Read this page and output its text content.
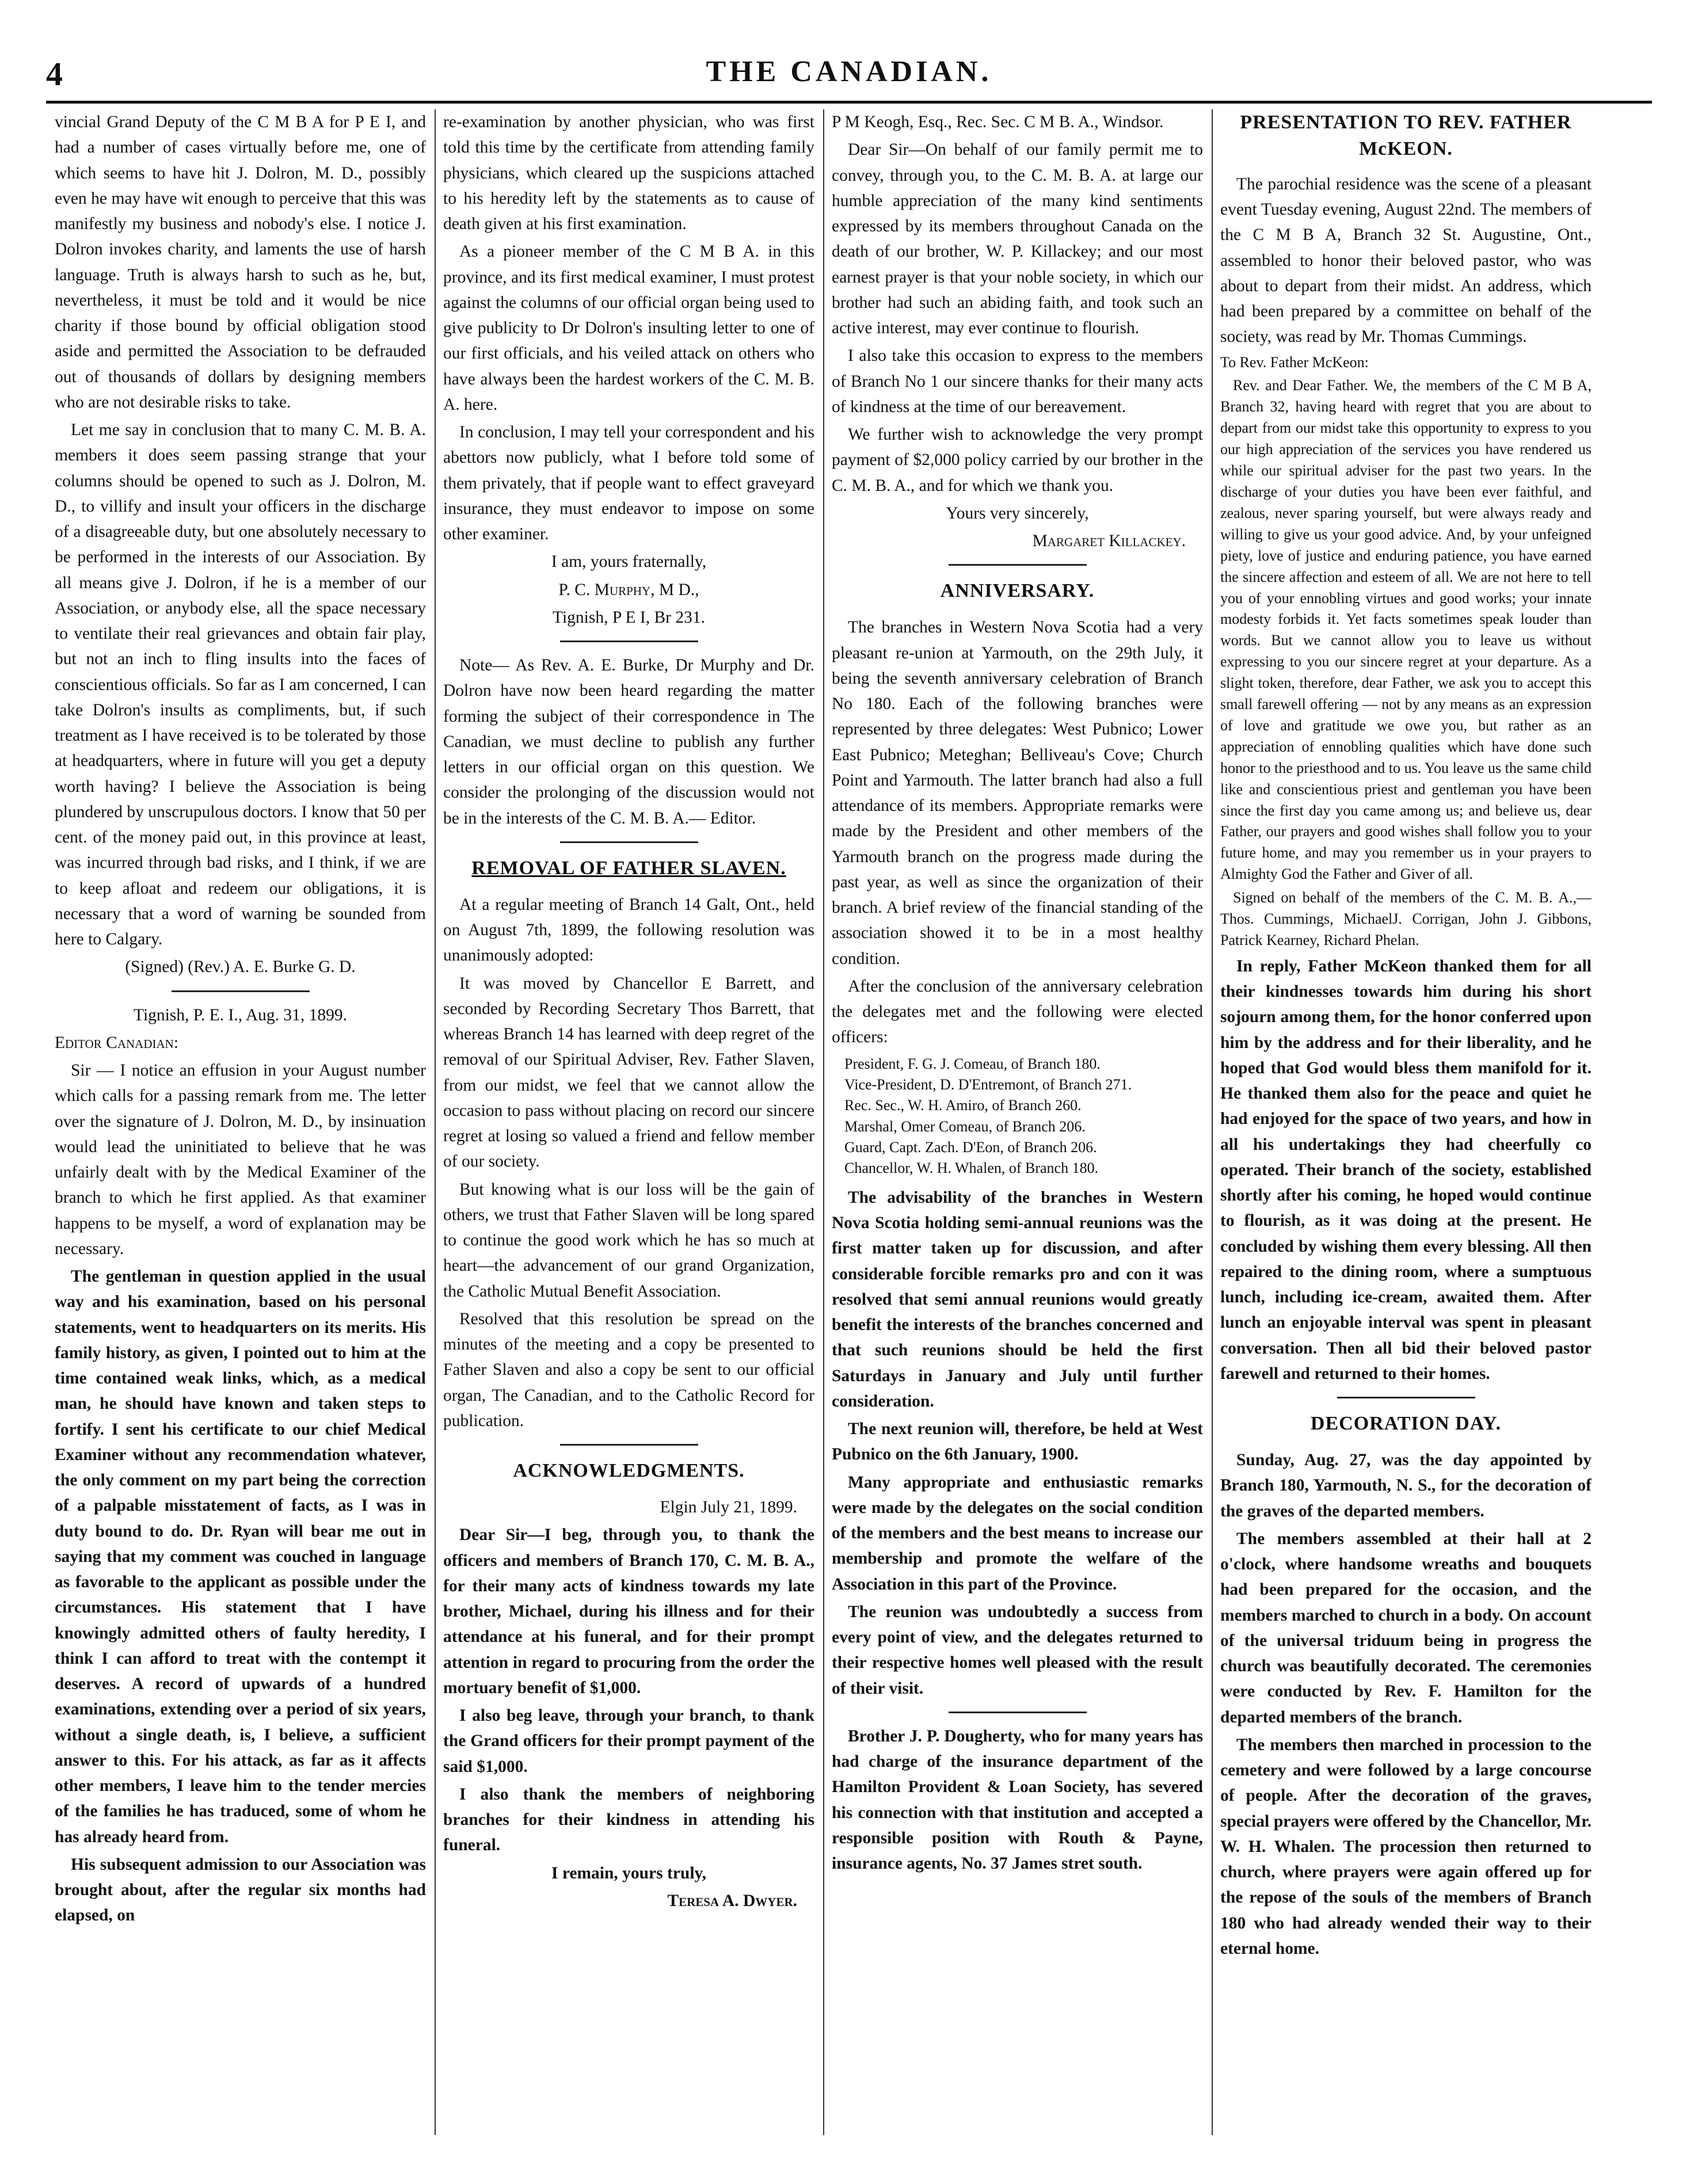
4	THE CANADIAN.

vincial Grand Deputy of the C M B A for P E I, and had a number of cases virtually before me, one of which seems to have hit J. Dolron, M. D., possibly even he may have wit enough to perceive that this was manifestly my business and nobody's else. I notice J. Dolron invokes charity, and laments the use of harsh language. Truth is always harsh to such as he, but, nevertheless, it must be told and it would be nice charity if those bound by official obligation stood aside and permitted the Association to be defrauded out of thousands of dollars by designing members who are not desirable risks to take.

Let me say in conclusion that to many C. M. B. A. members it does seem passing strange that your columns should be opened to such as J. Dolron, M. D., to villify and insult your officers in the discharge of a disagreeable duty, but one absolutely necessary to be performed in the interests of our Association. By all means give J. Dolron, if he is a member of our Association, or anybody else, all the space necessary to ventilate their real grievances and obtain fair play, but not an inch to fling insults into the faces of conscientious officials. So far as I am concerned, I can take Dolron's insults as compliments, but, if such treatment as I have received is to be tolerated by those at headquarters, where in future will you get a deputy worth having? I believe the Association is being plundered by unscrupulous doctors. I know that 50 per cent. of the money paid out, in this province at least, was incurred through bad risks, and I think, if we are to keep afloat and redeem our obligations, it is necessary that a word of warning be sounded from here to Calgary.

(Signed) (Rev.) A. E. Burke G. D.

Tignish, P. E. I., Aug. 31, 1899.

Editor Canadian:

Sir — I notice an effusion in your August number which calls for a passing remark from me. The letter over the signature of J. Dolron, M. D., by insinuation would lead the uninitiated to believe that he was unfairly dealt with by the Medical Examiner of the branch to which he first applied. As that examiner happens to be myself, a word of explanation may be necessary.

The gentleman in question applied in the usual way and his examination, based on his personal statements, went to headquarters on its merits. His family history, as given, I pointed out to him at the time contained weak links, which, as a medical man, he should have known and taken steps to fortify. I sent his certificate to our chief Medical Examiner without any recommendation whatever, the only comment on my part being the correction of a palpable misstatement of facts, as I was in duty bound to do. Dr. Ryan will bear me out in saying that my comment was couched in language as favorable to the applicant as possible under the circumstances. His statement that I have knowingly admitted others of faulty heredity, I think I can afford to treat with the contempt it deserves. A record of upwards of a hundred examinations, extending over a period of six years, without a single death, is, I believe, a sufficient answer to this. For his attack, as far as it affects other members, I leave him to the tender mercies of the families he has traduced, some of whom he has already heard from.

His subsequent admission to our Association was brought about, after the regular six months had elapsed, on

re-examination by another physician, who was first told this time by the certificate from attending family physicians, which cleared up the suspicions attached to his heredity left by the statements as to cause of death given at his first examination.

As a pioneer member of the C M B A. in this province, and its first medical examiner, I must protest against the columns of our official organ being used to give publicity to Dr Dolron's insulting letter to one of our first officials, and his veiled attack on others who have always been the hardest workers of the C. M. B. A. here.

In conclusion, I may tell your correspondent and his abettors now publicly, what I before told some of them privately, that if people want to effect graveyard insurance, they must endeavor to impose on some other examiner.

I am, yours fraternally,

P. C. Murphy, M D.,

Tignish, P E I, Br 231.

Note— As Rev. A. E. Burke, Dr Murphy and Dr. Dolron have now been heard regarding the matter forming the subject of their correspondence in The Canadian, we must decline to publish any further letters in our official organ on this question. We consider the prolonging of the discussion would not be in the interests of the C. M. B. A.— Editor.

REMOVAL OF FATHER SLAVEN.

At a regular meeting of Branch 14 Galt, Ont., held on August 7th, 1899, the following resolution was unanimously adopted:

It was moved by Chancellor E Barrett, and seconded by Recording Secretary Thos Barrett, that whereas Branch 14 has learned with deep regret of the removal of our Spiritual Adviser, Rev. Father Slaven, from our midst, we feel that we cannot allow the occasion to pass without placing on record our sincere regret at losing so valued a friend and fellow member of our society.

But knowing what is our loss will be the gain of others, we trust that Father Slaven will be long spared to continue the good work which he has so much at heart—the advancement of our grand Organization, the Catholic Mutual Benefit Association.

Resolved that this resolution be spread on the minutes of the meeting and a copy be presented to Father Slaven and also a copy be sent to our official organ, The Canadian, and to the Catholic Record for publication.

ACKNOWLEDGMENTS.

Elgin July 21, 1899.

Dear Sir—I beg, through you, to thank the officers and members of Branch 170, C. M. B. A., for their many acts of kindness towards my late brother, Michael, during his illness and for their attendance at his funeral, and for their prompt attention in regard to procuring from the order the mortuary benefit of $1,000.

I also beg leave, through your branch, to thank the Grand officers for their prompt payment of the said $1,000.

I also thank the members of neighboring branches for their kindness in attending his funeral.

I remain, yours truly,

Teresa A. Dwyer.

P M Keogh, Esq., Rec. Sec. C M B. A., Windsor.

Dear Sir—On behalf of our family permit me to convey, through you, to the C. M. B. A. at large our humble appreciation of the many kind sentiments expressed by its members throughout Canada on the death of our brother, W. P. Killackey; and our most earnest prayer is that your noble society, in which our brother had such an abiding faith, and took such an active interest, may ever continue to flourish.

I also take this occasion to express to the members of Branch No 1 our sincere thanks for their many acts of kindness at the time of our bereavement.

We further wish to acknowledge the very prompt payment of $2,000 policy carried by our brother in the C. M. B. A., and for which we thank you.

Yours very sincerely,

Margaret Killackey.

ANNIVERSARY.

The branches in Western Nova Scotia had a very pleasant re-union at Yarmouth, on the 29th July, it being the seventh anniversary celebration of Branch No 180. Each of the following branches were represented by three delegates: West Pubnico; Lower East Pubnico; Meteghan; Belliveau's Cove; Church Point and Yarmouth. The latter branch had also a full attendance of its members. Appropriate remarks were made by the President and other members of the Yarmouth branch on the progress made during the past year, as well as since the organization of their branch. A brief review of the financial standing of the association showed it to be in a most healthy condition.

After the conclusion of the anniversary celebration the delegates met and the following were elected officers:

President, F. G. J. Comeau, of Branch 180.
Vice-President, D. D'Entremont, of Branch 271.
Rec. Sec., W. H. Amiro, of Branch 260.
Marshal, Omer Comeau, of Branch 206.
Guard, Capt. Zach. D'Eon, of Branch 206.
Chancellor, W. H. Whalen, of Branch 180.

The advisability of the branches in Western Nova Scotia holding semi-annual reunions was the first matter taken up for discussion, and after considerable forcible remarks pro and con it was resolved that semi annual reunions would greatly benefit the interests of the branches concerned and that such reunions should be held the first Saturdays in January and July until further consideration.

The next reunion will, therefore, be held at West Pubnico on the 6th January, 1900.

Many appropriate and enthusiastic remarks were made by the delegates on the social condition of the members and the best means to increase our membership and promote the welfare of the Association in this part of the Province.

The reunion was undoubtedly a success from every point of view, and the delegates returned to their respective homes well pleased with the result of their visit.

Brother J. P. Dougherty, who for many years has had charge of the insurance department of the Hamilton Provident & Loan Society, has severed his connection with that institution and accepted a responsible position with Routh & Payne, insurance agents, No. 37 James stret south.

PRESENTATION TO REV. FATHER McKEON.

The parochial residence was the scene of a pleasant event Tuesday evening, August 22nd. The members of the C M B A, Branch 32 St. Augustine, Ont., assembled to honor their beloved pastor, who was about to depart from their midst. An address, which had been prepared by a committee on behalf of the society, was read by Mr. Thomas Cummings.

To Rev. Father McKeon:

Rev. and Dear Father. We, the members of the C M B A, Branch 32, having heard with regret that you are about to depart from our midst take this opportunity to express to you our high appreciation of the services you have rendered us while our spiritual adviser for the past two years. In the discharge of your duties you have been ever faithful, and zealous, never sparing yourself, but were always ready and willing to give us your good advice. And, by your unfeigned piety, love of justice and enduring patience, you have earned the sincere affection and esteem of all. We are not here to tell you of your ennobling virtues and good works; your innate modesty forbids it. Yet facts sometimes speak louder than words. But we cannot allow you to leave us without expressing to you our sincere regret at your departure. As a slight token, therefore, dear Father, we ask you to accept this small farewell offering — not by any means as an expression of love and gratitude we owe you, but rather as an appreciation of ennobling qualities which have done such honor to the priesthood and to us. You leave us the same child like and conscientious priest and gentleman you have been since the first day you came among us; and believe us, dear Father, our prayers and good wishes shall follow you to your future home, and may you remember us in your prayers to Almighty God the Father and Giver of all.

Signed on behalf of the members of the C. M. B. A.,—Thos. Cummings, MichaelJ. Corrigan, John J. Gibbons, Patrick Kearney, Richard Phelan.

In reply, Father McKeon thanked them for all their kindnesses towards him during his short sojourn among them, for the honor conferred upon him by the address and for their liberality, and he hoped that God would bless them manifold for it. He thanked them also for the peace and quiet he had enjoyed for the space of two years, and how in all his undertakings they had cheerfully co operated. Their branch of the society, established shortly after his coming, he hoped would continue to flourish, as it was doing at the present. He concluded by wishing them every blessing. All then repaired to the dining room, where a sumptuous lunch, including ice-cream, awaited them. After lunch an enjoyable interval was spent in pleasant conversation. Then all bid their beloved pastor farewell and returned to their homes.

DECORATION DAY.

Sunday, Aug. 27, was the day appointed by Branch 180, Yarmouth, N. S., for the decoration of the graves of the departed members.

The members assembled at their hall at 2 o'clock, where handsome wreaths and bouquets had been prepared for the occasion, and the members marched to church in a body. On account of the universal triduum being in progress the church was beautifully decorated. The ceremonies were conducted by Rev. F. Hamilton for the departed members of the branch.

The members then marched in procession to the cemetery and were followed by a large concourse of people. After the decoration of the graves, special prayers were offered by the Chancellor, Mr. W. H. Whalen. The procession then returned to church, where prayers were again offered up for the repose of the souls of the members of Branch 180 who had already wended their way to their eternal home.
